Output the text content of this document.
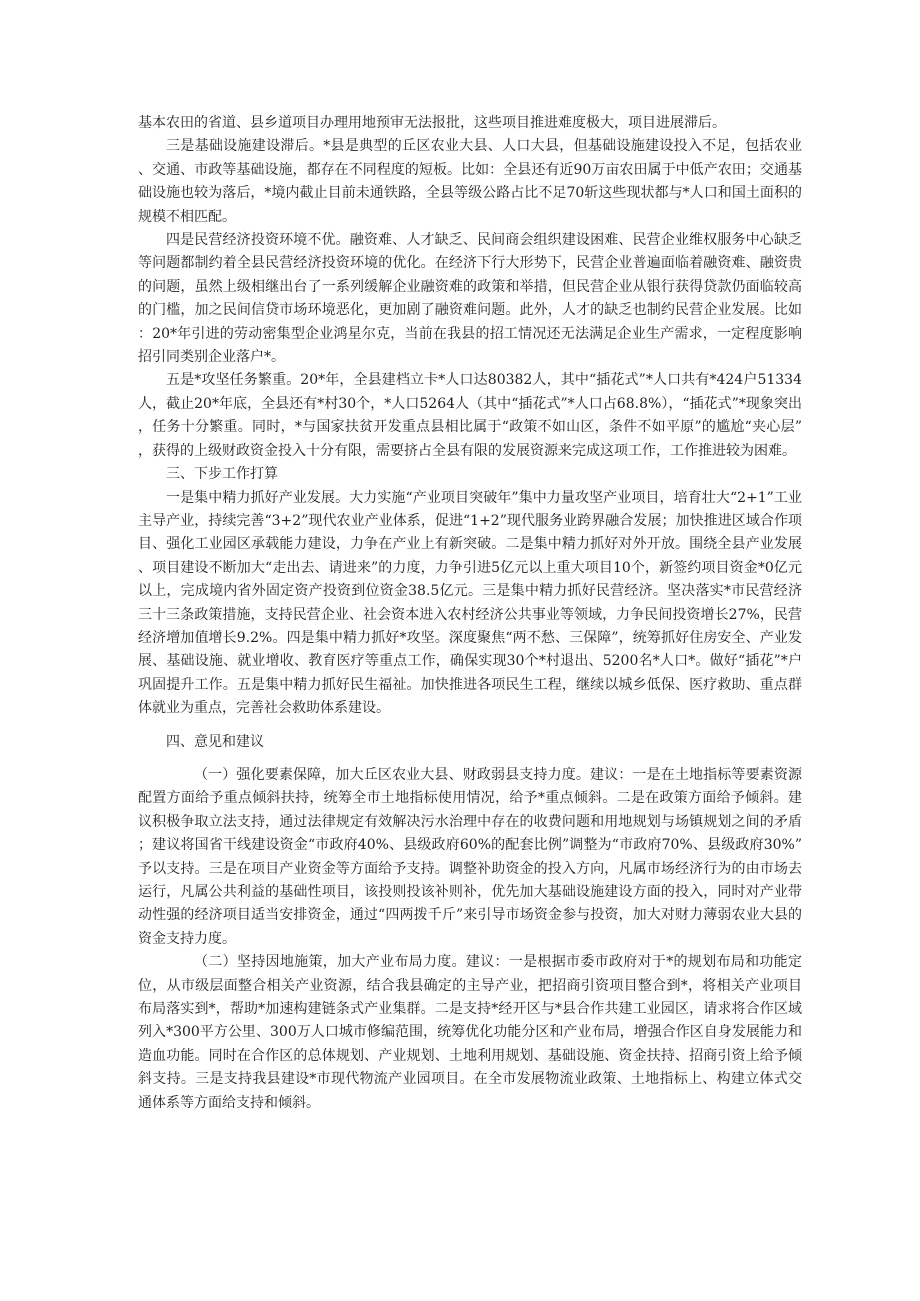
基本农田的省道、县乡道项目办理用地预审无法报批，这些项目推进难度极大，项目进展滞后。

三是基础设施建设滞后。*县是典型的丘区农业大县、人口大县，但基础设施建设投入不足，包括农业、交通、市政等基础设施，都存在不同程度的短板。比如：全县还有近90万亩农田属于中低产农田；交通基础设施也较为落后，*境内截止目前未通铁路，全县等级公路占比不足70斩这些现状都与*人口和国土面积的规模不相匹配。

四是民营经济投资环境不优。融资难、人才缺乏、民间商会组织建设困难、民营企业维权服务中心缺乏等问题都制约着全县民营经济投资环境的优化。在经济下行大形势下，民营企业普遍面临着融资难、融资贵的问题，虽然上级相继出台了一系列缓解企业融资难的政策和举措，但民营企业从银行获得贷款仍面临较高的门槛，加之民间信贷市场环境恶化，更加剧了融资难问题。此外，人才的缺乏也制约民营企业发展。比如：20*年引进的劳动密集型企业鸿星尔克，当前在我县的招工情况还无法满足企业生产需求，一定程度影响招引同类别企业落户*。

五是*攻坚任务繁重。20*年，全县建档立卡*人口达80382人，其中“插花式”*人口共有*424户51334人，截止20*年底，全县还有*村30个，*人口5264人（其中“插花式”*人口占68.8%），“插花式”*现象突出，任务十分繁重。同时，*与国家扶贫开发重点县相比属于“政策不如山区，条件不如平原”的尴尬“夹心层”，获得的上级财政资金投入十分有限，需要挤占全县有限的发展资源来完成这项工作，工作推进较为困难。

三、下步工作打算

一是集中精力抓好产业发展。大力实施“产业项目突破年”集中力量攻坚产业项目，培育壮大“2+1”工业主导产业，持续完善“3+2”现代农业产业体系，促进“1+2”现代服务业跨界融合发展；加快推进区域合作项目、强化工业园区承载能力建设，力争在产业上有新突破。二是集中精力抓好对外开放。围绕全县产业发展、项目建设不断加大“走出去、请进来”的力度，力争引进5亿元以上重大项目10个，新签约项目资金*0亿元以上，完成境内省外固定资产投资到位资金38.5亿元。三是集中精力抓好民营经济。坚决落实*市民营经济三十三条政策措施，支持民营企业、社会资本进入农村经济公共事业等领域，力争民间投资增长27%，民营经济增加值增长9.2%。四是集中精力抓好*攻坚。深度聚焦“两不愁、三保障”，统筹抓好住房安全、产业发展、基础设施、就业增收、教育医疗等重点工作，确保实现30个*村退出、5200名*人口*。做好“插花”*户巩固提升工作。五是集中精力抓好民生福祉。加快推进各项民生工程，继续以城乡低保、医疗救助、重点群体就业为重点，完善社会救助体系建设。

四、意见和建议

（一）强化要素保障，加大丘区农业大县、财政弱县支持力度。建议：一是在土地指标等要素资源配置方面给予重点倾斜扶持，统筹全市土地指标使用情况，给予*重点倾斜。二是在政策方面给予倾斜。建议积极争取立法支持，通过法律规定有效解决污水治理中存在的收费问题和用地规划与场镇规划之间的矛盾；建议将国省干线建设资金“市政府40%、县级政府60%的配套比例”调整为“市政府70%、县级政府30%”予以支持。三是在项目产业资金等方面给予支持。调整补助资金的投入方向，凡属市场经济行为的由市场去运行，凡属公共利益的基础性项目，该投则投该补则补，优先加大基础设施建设方面的投入，同时对产业带动性强的经济项目适当安排资金，通过“四两拨千斤”来引导市场资金参与投资，加大对财力薄弱农业大县的资金支持力度。

（二）坚持因地施策，加大产业布局力度。建议：一是根据市委市政府对于*的规划布局和功能定位，从市级层面整合相关产业资源，结合我县确定的主导产业，把招商引资项目整合到*，将相关产业项目布局落实到*，帮助*加速构建链条式产业集群。二是支持*经开区与*县合作共建工业园区，请求将合作区域列入*300平方公里、300万人口城市修编范围，统筹优化功能分区和产业布局，增强合作区自身发展能力和造血功能。同时在合作区的总体规划、产业规划、土地利用规划、基础设施、资金扶持、招商引资上给予倾斜支持。三是支持我县建设*市现代物流产业园项目。在全市发展物流业政策、土地指标上、构建立体式交通体系等方面给支持和倾斜。
